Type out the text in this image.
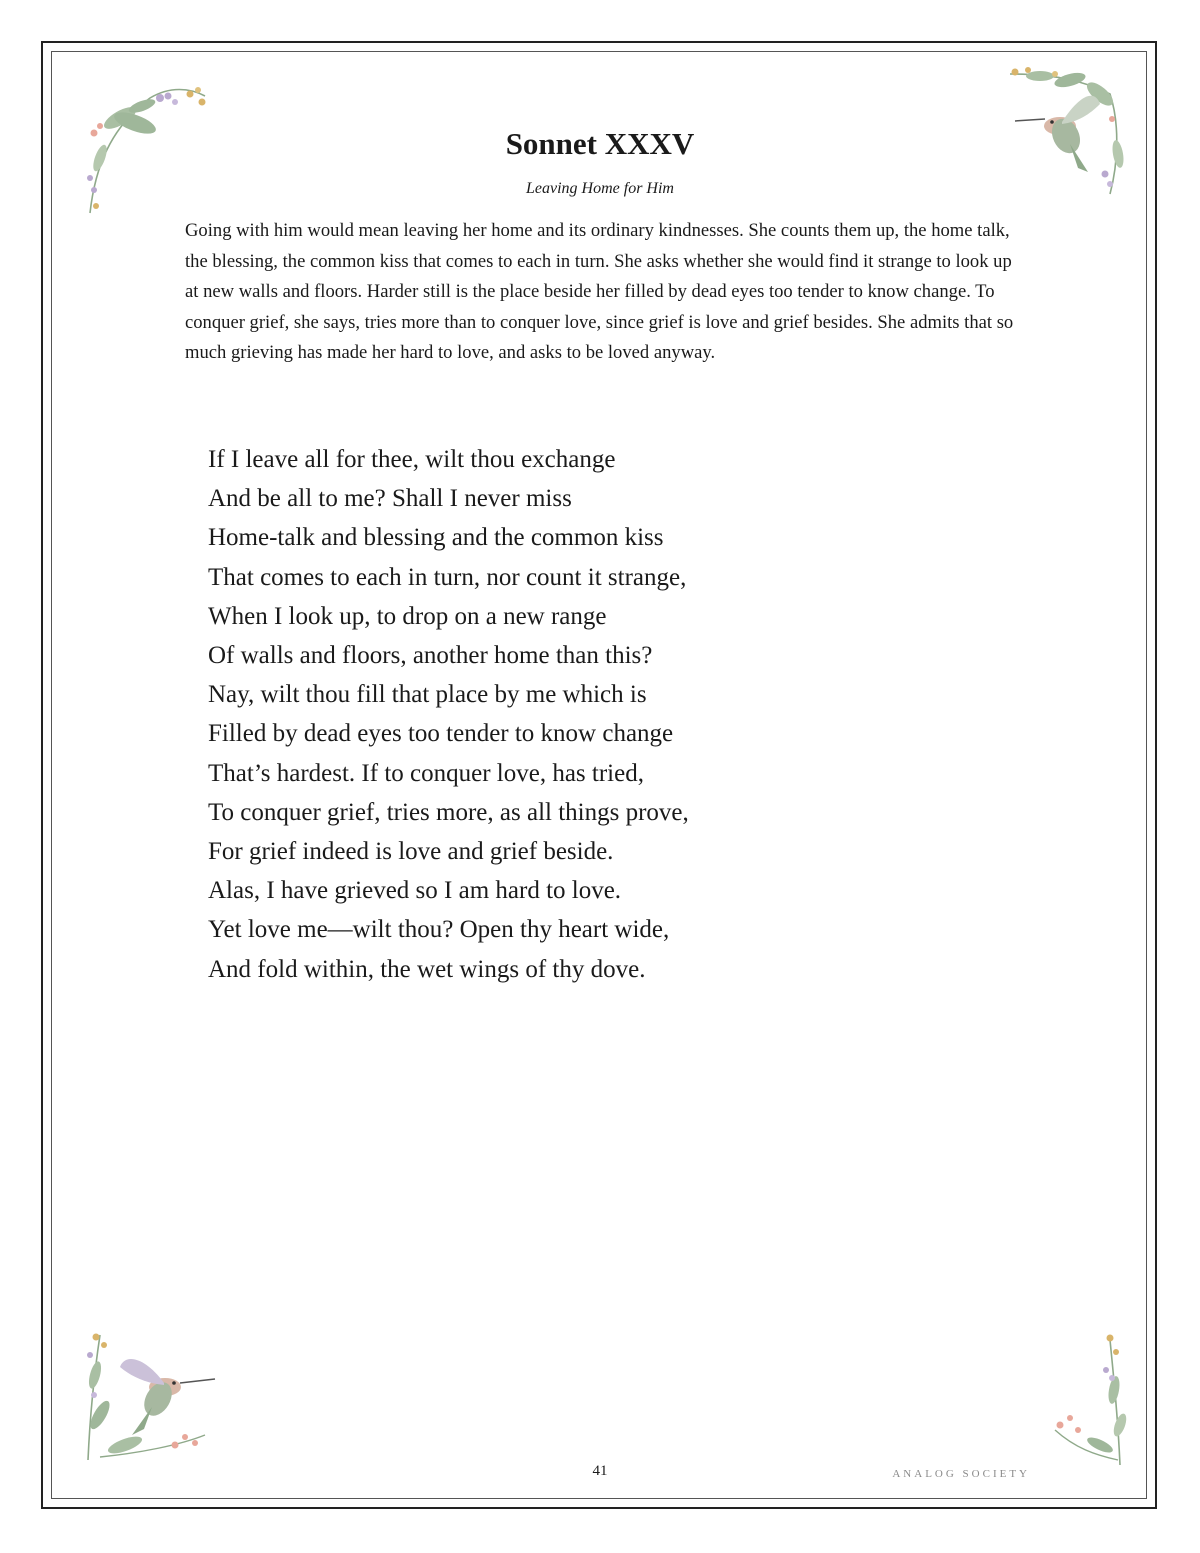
Sonnet XXXV

Leaving Home for Him

Going with him would mean leaving her home and its ordinary kindnesses. She counts them up, the home talk, the blessing, the common kiss that comes to each in turn. She asks whether she would find it strange to look up at new walls and floors. Harder still is the place beside her filled by dead eyes too tender to know change. To conquer grief, she says, tries more than to conquer love, since grief is love and grief besides. She admits that so much grieving has made her hard to love, and asks to be loved anyway.

If I leave all for thee, wilt thou exchange
And be all to me? Shall I never miss
Home-talk and blessing and the common kiss
That comes to each in turn, nor count it strange,
When I look up, to drop on a new range
Of walls and floors, another home than this?
Nay, wilt thou fill that place by me which is
Filled by dead eyes too tender to know change
That’s hardest. If to conquer love, has tried,
To conquer grief, tries more, as all things prove,
For grief indeed is love and grief beside.
Alas, I have grieved so I am hard to love.
Yet love me—wilt thou? Open thy heart wide,
And fold within, the wet wings of thy dove.
41	ANALOG SOCIETY
